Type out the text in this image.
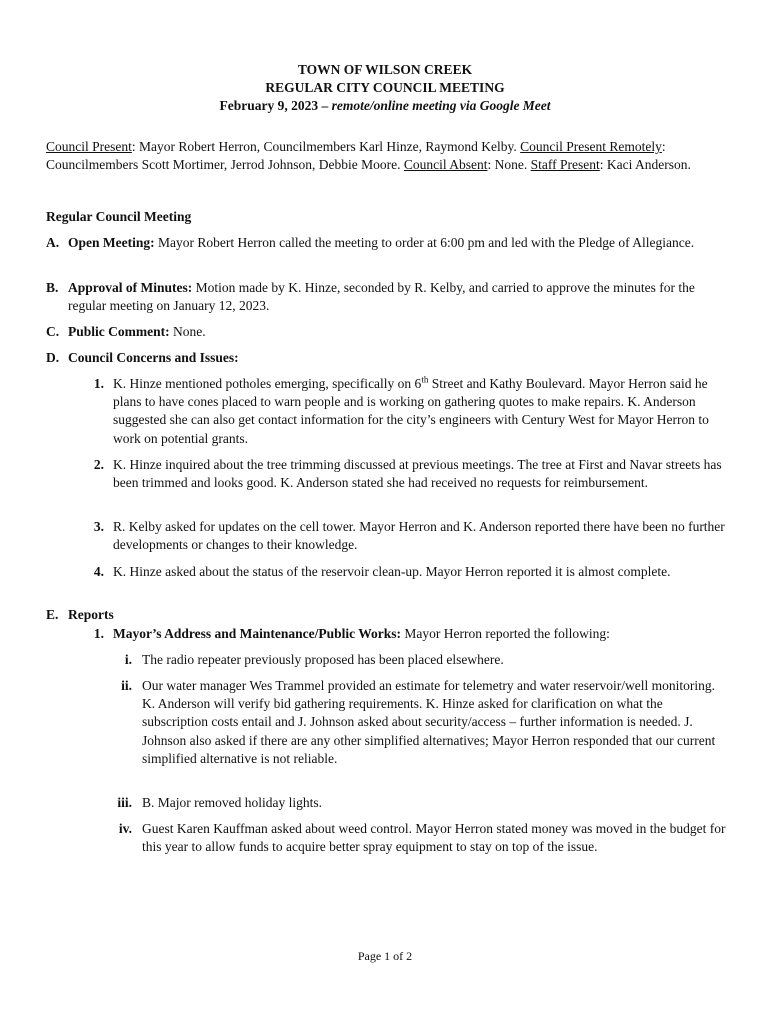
TOWN OF WILSON CREEK
REGULAR CITY COUNCIL MEETING
February 9, 2023 – remote/online meeting via Google Meet
Council Present: Mayor Robert Herron, Councilmembers Karl Hinze, Raymond Kelby. Council Present Remotely: Councilmembers Scott Mortimer, Jerrod Johnson, Debbie Moore. Council Absent: None. Staff Present: Kaci Anderson.
Regular Council Meeting
A. Open Meeting: Mayor Robert Herron called the meeting to order at 6:00 pm and led with the Pledge of Allegiance.
B. Approval of Minutes: Motion made by K. Hinze, seconded by R. Kelby, and carried to approve the minutes for the regular meeting on January 12, 2023.
C. Public Comment: None.
D. Council Concerns and Issues:
1. K. Hinze mentioned potholes emerging, specifically on 6th Street and Kathy Boulevard. Mayor Herron said he plans to have cones placed to warn people and is working on gathering quotes to make repairs. K. Anderson suggested she can also get contact information for the city’s engineers with Century West for Mayor Herron to work on potential grants.
2. K. Hinze inquired about the tree trimming discussed at previous meetings. The tree at First and Navar streets has been trimmed and looks good. K. Anderson stated she had received no requests for reimbursement.
3. R. Kelby asked for updates on the cell tower. Mayor Herron and K. Anderson reported there have been no further developments or changes to their knowledge.
4. K. Hinze asked about the status of the reservoir clean-up. Mayor Herron reported it is almost complete.
E. Reports
1. Mayor’s Address and Maintenance/Public Works: Mayor Herron reported the following:
i. The radio repeater previously proposed has been placed elsewhere.
ii. Our water manager Wes Trammel provided an estimate for telemetry and water reservoir/well monitoring. K. Anderson will verify bid gathering requirements. K. Hinze asked for clarification on what the subscription costs entail and J. Johnson asked about security/access – further information is needed. J. Johnson also asked if there are any other simplified alternatives; Mayor Herron responded that our current simplified alternative is not reliable.
iii. B. Major removed holiday lights.
iv. Guest Karen Kauffman asked about weed control. Mayor Herron stated money was moved in the budget for this year to allow funds to acquire better spray equipment to stay on top of the issue.
Page 1 of 2
